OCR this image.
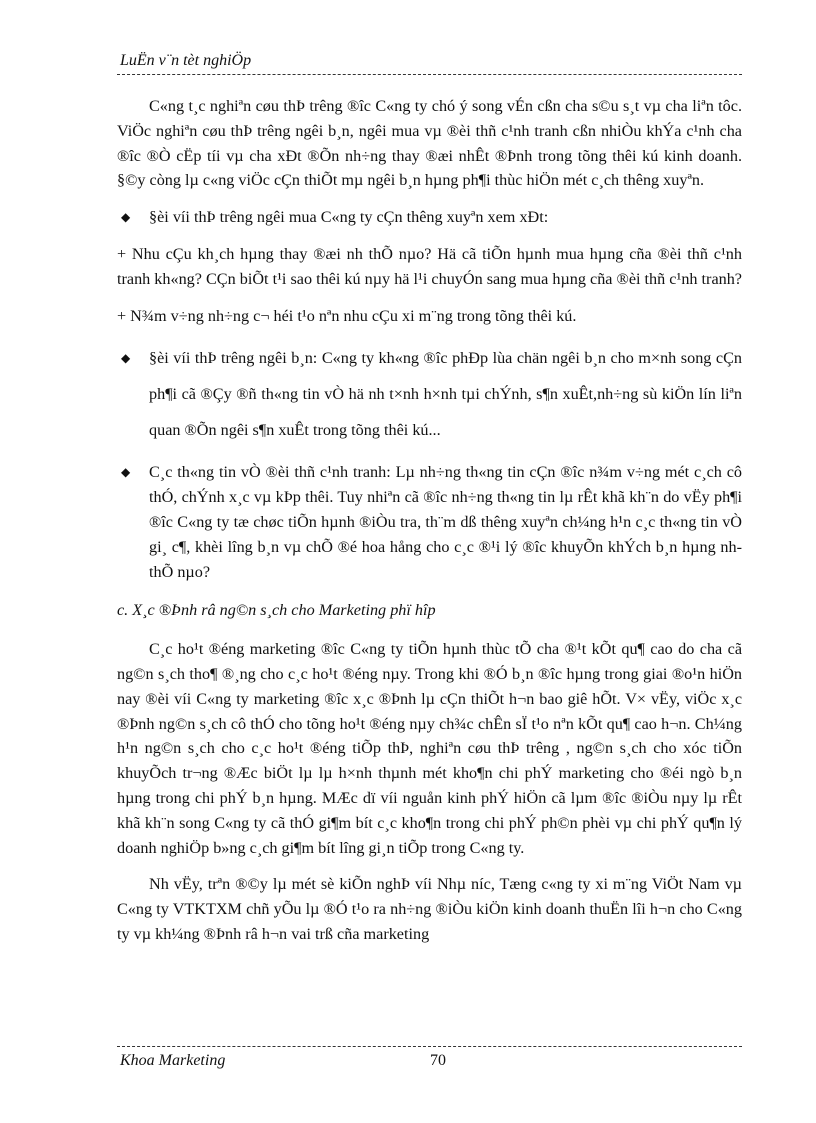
LuËn v¨n tèt nghiÖp

C«ng t¸c nghiªn cøu thÞ trêng ®îc C«ng ty chó ý song vÉn cßn cha s©u s¸t vµ cha liªn tôc. ViÖc nghiªn cøu thÞ trêng ngêi b¸n, ngêi mua vµ ®èi thñ c¹nh tranh cßn nhiÒu khÝa c¹nh cha ®îc ®Ò cËp tíi vµ cha xÐt ®Õn nh÷ng thay ®æi nhÊt ®Þnh trong tõng thêi kú kinh doanh. §©y còng lµ c«ng viÖc cÇn thiÕt mµ ngêi b¸n hµng ph¶i thùc hiÖn mét c¸ch thêng xuyªn.

◆ §èi víi thÞ trêng ngêi mua C«ng ty cÇn thêng xuyªn xem xÐt:

+ Nhu cÇu kh¸ch hµng thay ®æi nh thÕ nµo? Hä cã tiÕn hµnh mua hµng cña ®èi thñ c¹nh tranh kh«ng? CÇn biÕt t¹i sao thêi kú nµy hä l¹i chuyÓn sang mua hµng cña ®èi thñ c¹nh tranh?

+ N¾m v÷ng nh÷ng c¬ héi t¹o nªn nhu cÇu xi m¨ng trong tõng thêi kú.

◆ §èi víi thÞ trêng ngêi b¸n: C«ng ty kh«ng ®îc phÐp lùa chän ngêi b¸n cho m×nh song cÇn ph¶i cã ®Çy ®ñ th«ng tin vÒ hä nh t×nh h×nh tµi chÝnh, s¶n xuÊt,nh÷ng sù kiÖn lín liªn quan ®Õn ngêi s¶n xuÊt trong tõng thêi kú...
◆ C¸c th«ng tin vÒ ®èi thñ c¹nh tranh: Lµ nh÷ng th«ng tin cÇn ®îc n¾m v÷ng mét c¸ch cô thÓ, chÝnh x¸c vµ kÞp thêi. Tuy nhiªn cã ®îc nh÷ng th«ng tin lµ rÊt khã kh¨n do vËy ph¶i ®îc C«ng ty tæ chøc tiÕn hµnh ®iÒu tra, th¨m dß thêng xuyªn ch¼ng h¹n c¸c th«ng tin vÒ gi¸ c¶, khèi lîng b¸n vµ chÕ ®é hoa hång cho c¸c ®¹i lý ®îc khuyÕn khÝch b¸n hµng nh thÕ nµo?
c. X¸c ®Þnh râ ng©n s¸ch cho Marketing phï hîp

C¸c ho¹t ®éng marketing ®îc C«ng ty tiÕn hµnh thùc tÕ cha ®¹t kÕt qu¶ cao do cha cã ng©n s¸ch tho¶ ®¸ng cho c¸c ho¹t ®éng nµy. Trong khi ®Ó b¸n ®îc hµng trong giai ®o¹n hiÖn nay ®èi víi C«ng ty marketing ®îc x¸c ®Þnh lµ cÇn thiÕt h¬n bao giê hÕt. V× vËy, viÖc x¸c ®Þnh ng©n s¸ch cô thÓ cho tõng ho¹t ®éng nµy ch¾c chÊn sÏ t¹o nªn kÕt qu¶ cao h¬n. Ch¼ng h¹n ng©n s¸ch cho c¸c ho¹t ®éng tiÕp thÞ, nghiªn cøu thÞ trêng , ng©n s¸ch cho xóc tiÕn khuyÕch tr¬ng ®Æc biÖt lµ lµ h×nh thµnh mét kho¶n chi phÝ marketing cho ®éi ngò b¸n hµng trong chi phÝ b¸n hµng. MÆc dï víi nguån kinh phÝ hiÖn cã lµm ®îc ®iÒu nµy lµ rÊt khã kh¨n song C«ng ty cã thÓ gi¶m bít c¸c kho¶n trong chi phÝ ph©n phèi vµ chi phÝ qu¶n lý doanh nghiÖp b»ng c¸ch gi¶m bít lîng gi¸n tiÕp trong C«ng ty.

Nh vËy, trªn ®©y lµ mét sè kiÕn nghÞ víi Nhµ níc, Tæng c«ng ty xi m¨ng ViÖt Nam vµ C«ng ty VTKTXM chñ yÕu lµ ®Ó t¹o ra nh÷ng ®iÒu kiÖn kinh doanh thuËn lîi h¬n cho C«ng ty vµ kh¼ng ®Þnh râ h¬n vai trß cña marketing

Khoa Marketing	70
